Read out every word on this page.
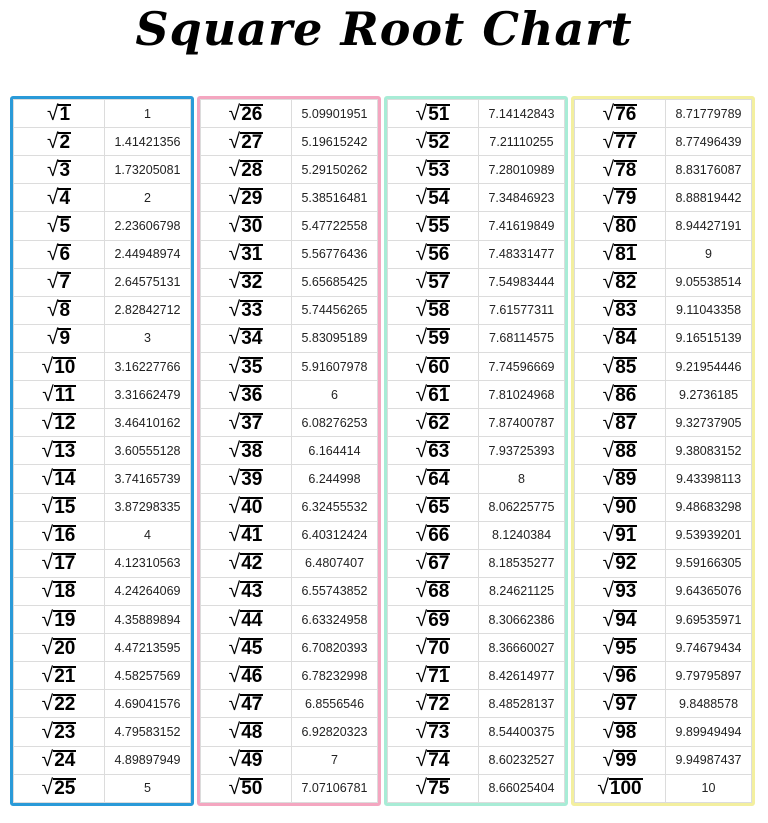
Square Root Chart
√1	1
√2	1.41421356
√3	1.73205081
√4	2
√5	2.23606798
√6	2.44948974
√7	2.64575131
√8	2.82842712
√9	3
√10	3.16227766
√11	3.31662479
√12	3.46410162
√13	3.60555128
√14	3.74165739
√15	3.87298335
√16	4
√17	4.12310563
√18	4.24264069
√19	4.35889894
√20	4.47213595
√21	4.58257569
√22	4.69041576
√23	4.79583152
√24	4.89897949
√25	5
√26	5.09901951
√27	5.19615242
√28	5.29150262
√29	5.38516481
√30	5.47722558
√31	5.56776436
√32	5.65685425
√33	5.74456265
√34	5.83095189
√35	5.91607978
√36	6
√37	6.08276253
√38	6.164414
√39	6.244998
√40	6.32455532
√41	6.40312424
√42	6.4807407
√43	6.55743852
√44	6.63324958
√45	6.70820393
√46	6.78232998
√47	6.8556546
√48	6.92820323
√49	7
√50	7.07106781
√51	7.14142843
√52	7.21110255
√53	7.28010989
√54	7.34846923
√55	7.41619849
√56	7.48331477
√57	7.54983444
√58	7.61577311
√59	7.68114575
√60	7.74596669
√61	7.81024968
√62	7.87400787
√63	7.93725393
√64	8
√65	8.06225775
√66	8.1240384
√67	8.18535277
√68	8.24621125
√69	8.30662386
√70	8.36660027
√71	8.42614977
√72	8.48528137
√73	8.54400375
√74	8.60232527
√75	8.66025404
√76	8.71779789
√77	8.77496439
√78	8.83176087
√79	8.88819442
√80	8.94427191
√81	9
√82	9.05538514
√83	9.11043358
√84	9.16515139
√85	9.21954446
√86	9.2736185
√87	9.32737905
√88	9.38083152
√89	9.43398113
√90	9.48683298
√91	9.53939201
√92	9.59166305
√93	9.64365076
√94	9.69535971
√95	9.74679434
√96	9.79795897
√97	9.8488578
√98	9.89949494
√99	9.94987437
√100	10
